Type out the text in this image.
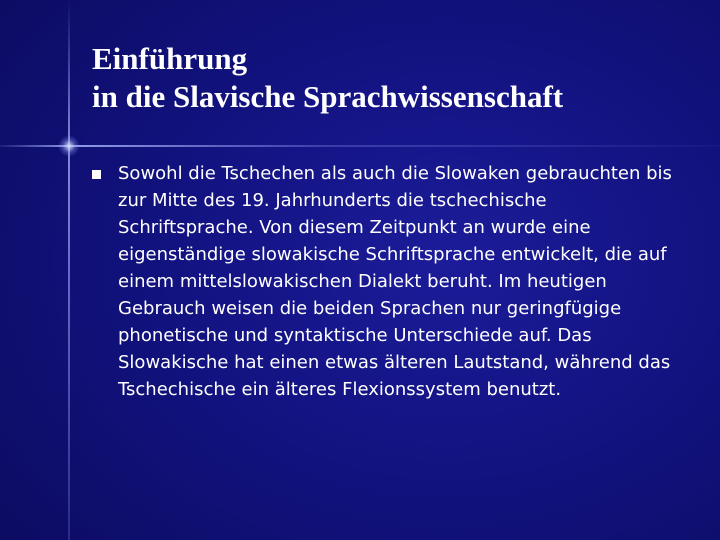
Einführung
in die Slavische Sprachwissenschaft

Sowohl die Tschechen als auch die Slowaken gebrauchten bis zur Mitte des 19. Jahrhunderts die tschechische Schriftsprache. Von diesem Zeitpunkt an wurde eine eigenständige slowakische Schriftsprache entwickelt, die auf einem mittelslowakischen Dialekt beruht. Im heutigen Gebrauch weisen die beiden Sprachen nur geringfügige phonetische und syntaktische Unterschiede auf. Das Slowakische hat einen etwas älteren Lautstand, während das Tschechische ein älteres Flexionssystem benutzt.
